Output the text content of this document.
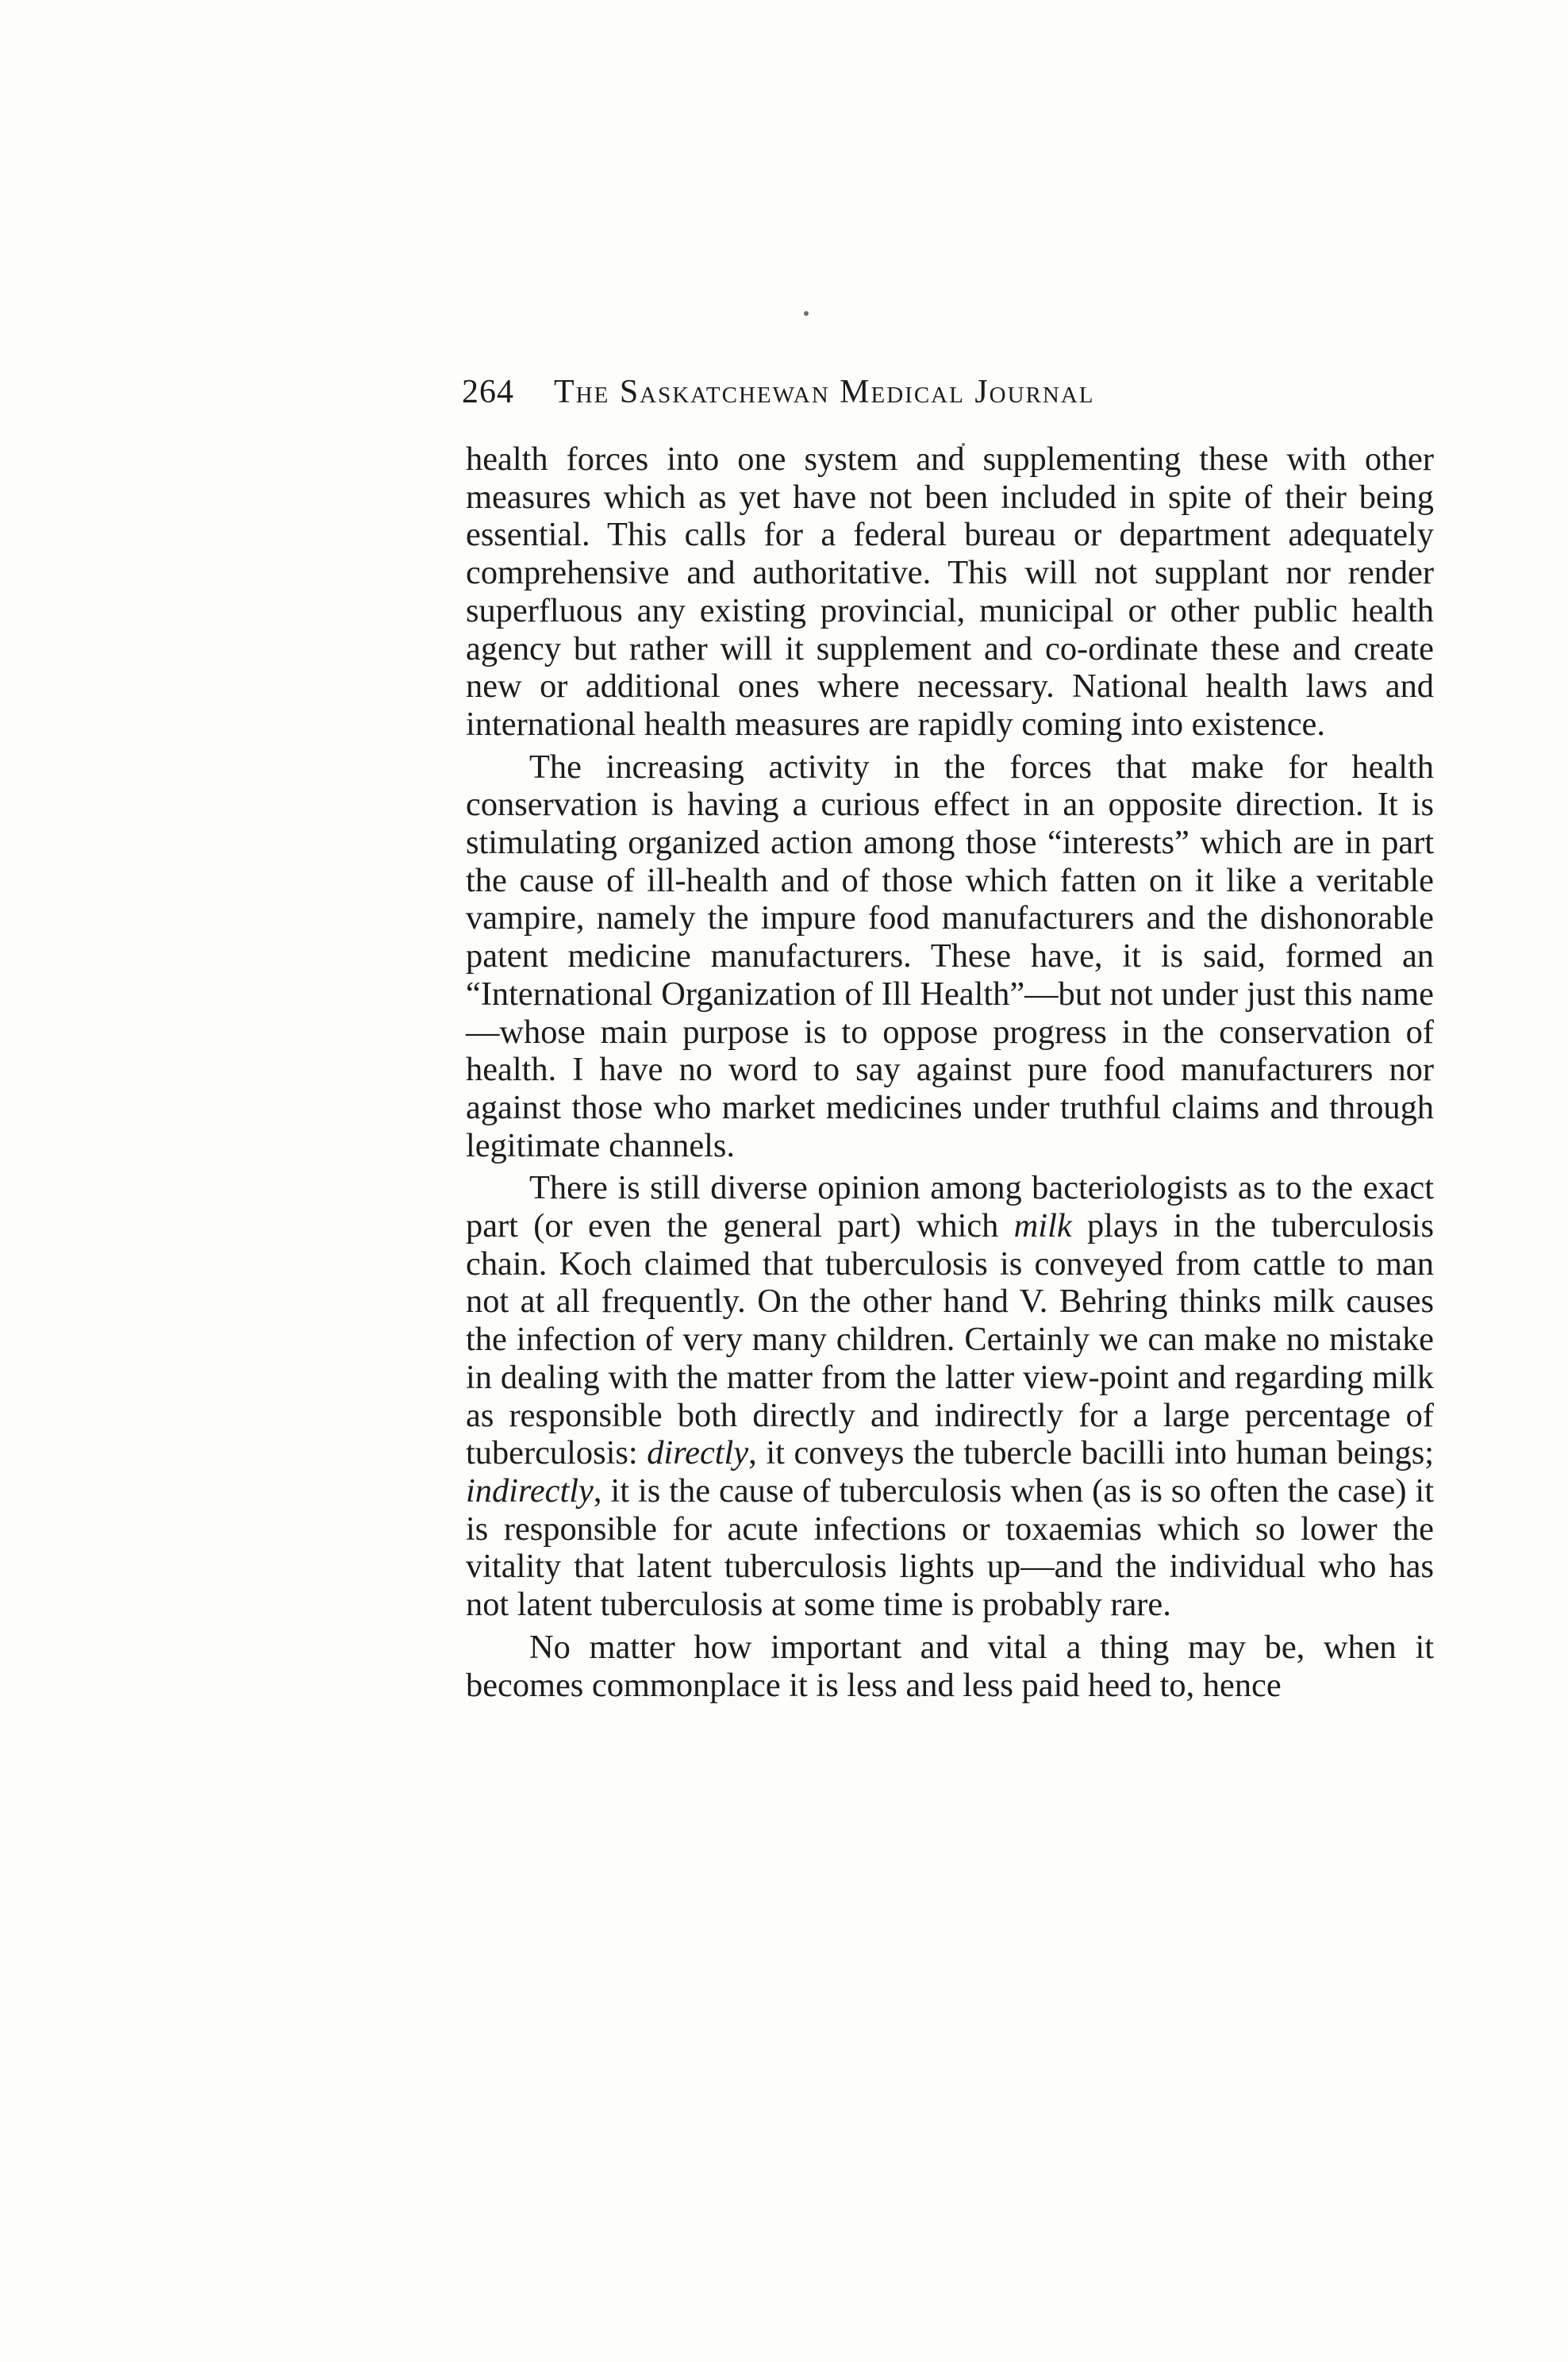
264	The Saskatchewan Medical Journal

health forces into one system and supplementing these with other measures which as yet have not been included in spite of their being essential. This calls for a federal bureau or department adequately comprehensive and authoritative. This will not supplant nor render superfluous any existing provincial, municipal or other public health agency but rather will it supplement and co-ordinate these and create new or additional ones where necessary. National health laws and international health measures are rapidly coming into existence.

The increasing activity in the forces that make for health conservation is having a curious effect in an opposite direction. It is stimulating organized action among those “interests” which are in part the cause of ill-health and of those which fatten on it like a veritable vampire, namely the impure food manufacturers and the dishonorable patent medicine manufacturers. These have, it is said, formed an “International Organization of Ill Health”—but not under just this name—whose main purpose is to oppose progress in the conservation of health. I have no word to say against pure food manufacturers nor against those who market medicines under truthful claims and through legitimate channels.

There is still diverse opinion among bacteriologists as to the exact part (or even the general part) which milk plays in the tuberculosis chain. Koch claimed that tuberculosis is conveyed from cattle to man not at all frequently. On the other hand V. Behring thinks milk causes the infection of very many children. Certainly we can make no mistake in dealing with the matter from the latter view-point and regarding milk as responsible both directly and indirectly for a large percentage of tuberculosis: directly, it conveys the tubercle bacilli into human beings; indirectly, it is the cause of tuberculosis when (as is so often the case) it is responsible for acute infections or toxaemias which so lower the vitality that latent tuberculosis lights up—and the individual who has not latent tuberculosis at some time is probably rare.

No matter how important and vital a thing may be, when it becomes commonplace it is less and less paid heed to, hence
